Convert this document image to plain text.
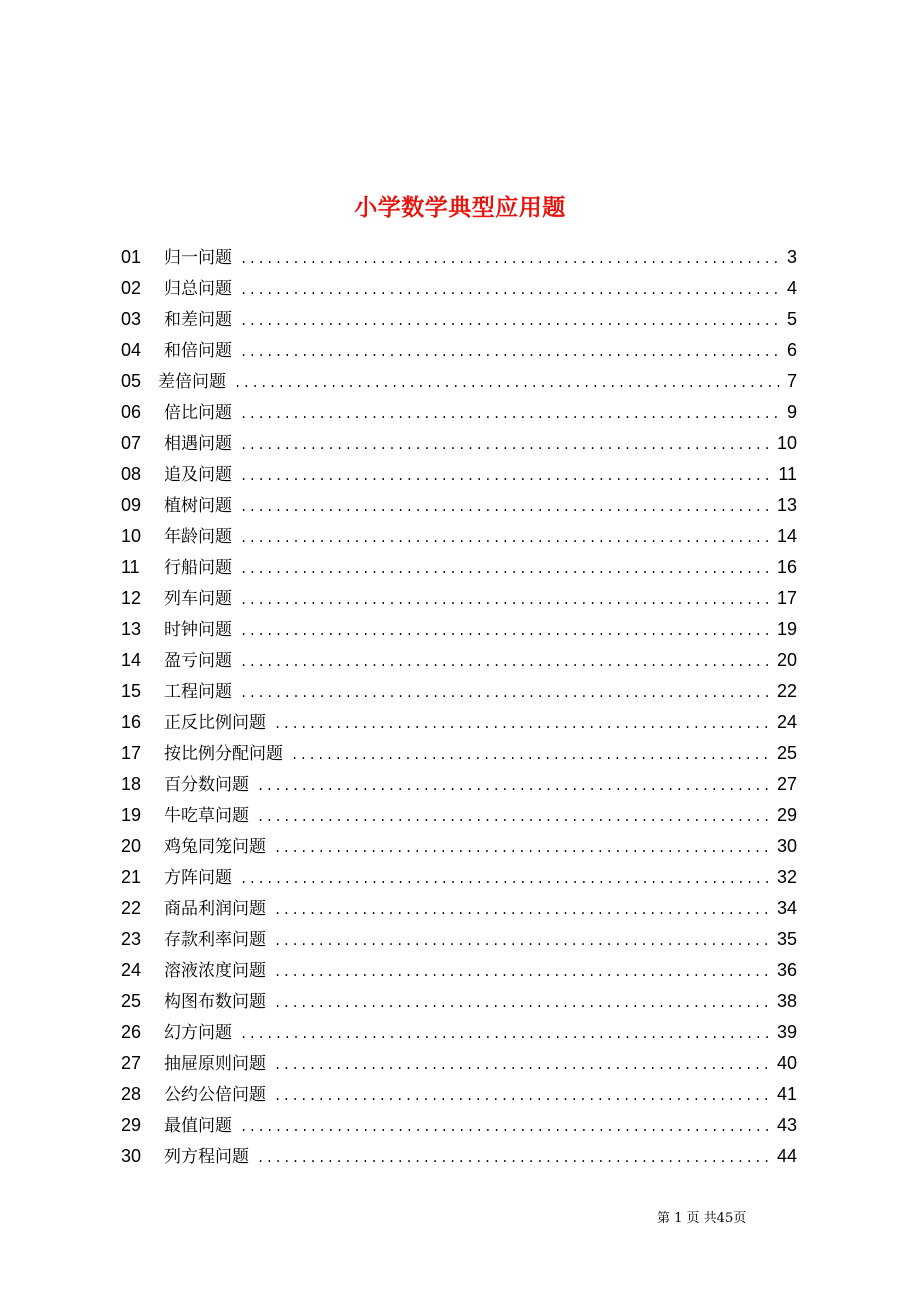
小学数学典型应用题
01	归一问题 .....	3
02	归总问题 .....	4
03	和差问题 .....	5
04	和倍问题 .....	6
05 差倍问题 .....	7
06	倍比问题 .....	9
07	相遇问题 .....	10
08	追及问题 .....	11
09	植树问题 .....	13
10	年龄问题 .....	14
11	行船问题 .....	16
12	列车问题 .....	17
13	时钟问题 .....	19
14	盈亏问题 .....	20
15	工程问题 .....	22
16	正反比例问题 .....	24
17	按比例分配问题 .....	25
18	百分数问题 .....	27
19	牛吃草问题 .....	29
20	鸡兔同笼问题 .....	30
21	方阵问题 .....	32
22	商品利润问题 .....	34
23	存款利率问题 .....	35
24	溶液浓度问题 .....	36
25	构图布数问题 .....	38
26	幻方问题 .....	39
27	抽屉原则问题 .....	40
28	公约公倍问题 .....	41
29	最值问题 .....	43
30	列方程问题 .....	44
第 1 页 共45页
